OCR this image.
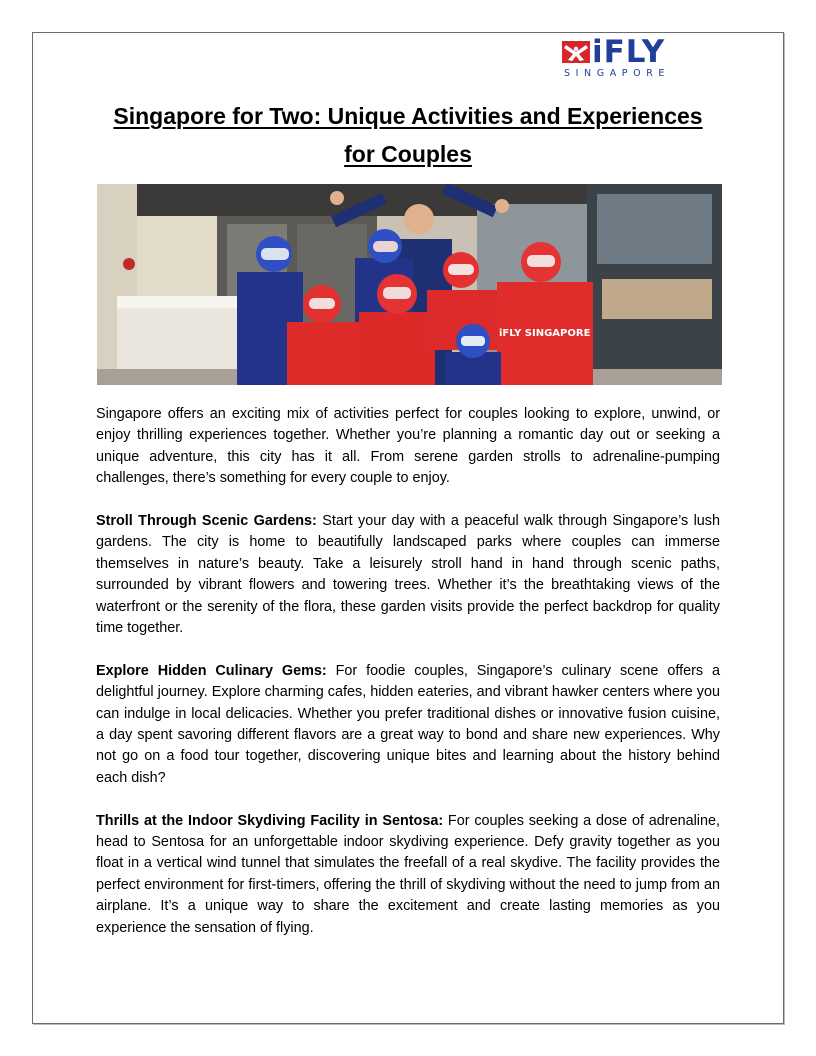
iFLY
SINGAPORE
Singapore for Two: Unique Activities and Experiences for Couples
iFLY SINGAPORE

Singapore offers an exciting mix of activities perfect for couples looking to explore, unwind, or enjoy thrilling experiences together. Whether you’re planning a romantic day out or seeking a unique adventure, this city has it all. From serene garden strolls to adrenaline-pumping challenges, there’s something for every couple to enjoy.

Stroll Through Scenic Gardens: Start your day with a peaceful walk through Singapore’s lush gardens. The city is home to beautifully landscaped parks where couples can immerse themselves in nature’s beauty. Take a leisurely stroll hand in hand through scenic paths, surrounded by vibrant flowers and towering trees. Whether it’s the breathtaking views of the waterfront or the serenity of the flora, these garden visits provide the perfect backdrop for quality time together.

Explore Hidden Culinary Gems: For foodie couples, Singapore’s culinary scene offers a delightful journey. Explore charming cafes, hidden eateries, and vibrant hawker centers where you can indulge in local delicacies. Whether you prefer traditional dishes or innovative fusion cuisine, a day spent savoring different flavors are a great way to bond and share new experiences. Why not go on a food tour together, discovering unique bites and learning about the history behind each dish?

Thrills at the Indoor Skydiving Facility in Sentosa: For couples seeking a dose of adrenaline, head to Sentosa for an unforgettable indoor skydiving experience. Defy gravity together as you float in a vertical wind tunnel that simulates the freefall of a real skydive. The facility provides the perfect environment for first-timers, offering the thrill of skydiving without the need to jump from an airplane. It’s a unique way to share the excitement and create lasting memories as you experience the sensation of flying.
